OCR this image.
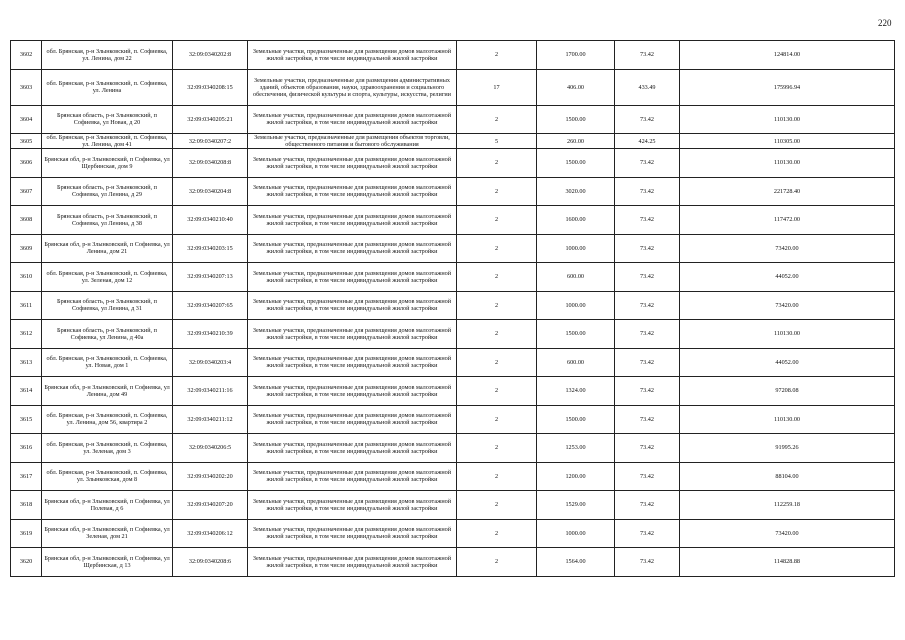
220
3602	обл. Брянская, р-н Злынковский, п. Софиевка, ул. Ленина, дом 22	32:09:0340202:8	Земельные участки, предназначенные для размещения домов малоэтажной жилой застройки, в том числе индивидуальной жилой застройки	2	1700.00	73.42	124814.00
3603	обл. Брянская, р-н Злынковский, п. Софиевка, ул. Ленина	32:09:0340208:15	Земельные участки, предназначенные для размещения административных зданий, объектов образования, науки, здравоохранения и социального обеспечения, физической культуры и спорта, культуры, искусства, религии	17	406.00	433.49	175996.94
3604	Брянская область, р-н Злынковский, п Софиевка, ул Новая, д 20	32:09:0340205:21	Земельные участки, предназначенные для размещения домов малоэтажной жилой застройки, в том числе индивидуальной жилой застройки	2	1500.00	73.42	110130.00
3605	обл. Брянская, р-н Злынковский, п. Софиевка, ул. Ленина, дом 41	32:09:0340207:2	Земельные участки, предназначенные для размещения объектов торговли, общественного питания и бытового обслуживания	5	260.00	424.25	110305.00
3606	Брянская обл, р-н Злынковский, п Софиевка, ул Щербинская, дом 9	32:09:0340208:8	Земельные участки, предназначенные для размещения домов малоэтажной жилой застройки, в том числе индивидуальной жилой застройки	2	1500.00	73.42	110130.00
3607	Брянская область, р-н Злынковский, п Софиевка, ул Ленина, д 29	32:09:0340204:8	Земельные участки, предназначенные для размещения домов малоэтажной жилой застройки, в том числе индивидуальной жилой застройки	2	3020.00	73.42	221728.40
3608	Брянская область, р-н Злынковский, п Софиевка, ул Ленина, д 38	32:09:0340210:40	Земельные участки, предназначенные для размещения домов малоэтажной жилой застройки, в том числе индивидуальной жилой застройки	2	1600.00	73.42	117472.00
3609	Брянская обл, р-н Злынковский, п Софиевка, ул Ленина, дом 21	32:09:0340203:15	Земельные участки, предназначенные для размещения домов малоэтажной жилой застройки, в том числе индивидуальной жилой застройки	2	1000.00	73.42	73420.00
3610	обл. Брянская, р-н Злынковский, п. Софиевка, ул. Зеленая, дом 12	32:09:0340207:13	Земельные участки, предназначенные для размещения домов малоэтажной жилой застройки, в том числе индивидуальной жилой застройки	2	600.00	73.42	44052.00
3611	Брянская область, р-н Злынковский, п Софиевка, ул Ленина, д 31	32:09:0340207:65	Земельные участки, предназначенные для размещения домов малоэтажной жилой застройки, в том числе индивидуальной жилой застройки	2	1000.00	73.42	73420.00
3612	Брянская область, р-н Злынковский, п Софиевка, ул Ленина, д 40а	32:09:0340210:39	Земельные участки, предназначенные для размещения домов малоэтажной жилой застройки, в том числе индивидуальной жилой застройки	2	1500.00	73.42	110130.00
3613	обл. Брянская, р-н Злынковский, п. Софиевка, ул. Новая, дом 1	32:09:0340203:4	Земельные участки, предназначенные для размещения домов малоэтажной жилой застройки, в том числе индивидуальной жилой застройки	2	600.00	73.42	44052.00
3614	Брянская обл, р-н Злынковский, п Софиевка, ул Ленина, дом 49	32:09:0340211:16	Земельные участки, предназначенные для размещения домов малоэтажной жилой застройки, в том числе индивидуальной жилой застройки	2	1324.00	73.42	97208.08
3615	обл. Брянская, р-н Злынковский, п. Софиевка, ул. Ленина, дом 56, квартира 2	32:09:0340211:12	Земельные участки, предназначенные для размещения домов малоэтажной жилой застройки, в том числе индивидуальной жилой застройки	2	1500.00	73.42	110130.00
3616	обл. Брянская, р-н Злынковский, п. Софиевка, ул. Зеленая, дом 3	32:09:0340206:5	Земельные участки, предназначенные для размещения домов малоэтажной жилой застройки, в том числе индивидуальной жилой застройки	2	1253.00	73.42	91995.26
3617	обл. Брянская, р-н Злынковский, п. Софиевка, ул. Злынковская, дом 8	32:09:0340202:20	Земельные участки, предназначенные для размещения домов малоэтажной жилой застройки, в том числе индивидуальной жилой застройки	2	1200.00	73.42	88104.00
3618	Брянская обл, р-н Злынковский, п Софиевка, ул Полевая, д 6	32:09:0340207:20	Земельные участки, предназначенные для размещения домов малоэтажной жилой застройки, в том числе индивидуальной жилой застройки	2	1529.00	73.42	112259.18
3619	Брянская обл, р-н Злынковский, п Софиевка, ул Зеленая, дом 21	32:09:0340206:12	Земельные участки, предназначенные для размещения домов малоэтажной жилой застройки, в том числе индивидуальной жилой застройки	2	1000.00	73.42	73420.00
3620	Брянская обл, р-н Злынковский, п Софиевка, ул Щербинская, д 13	32:09:0340208:6	Земельные участки, предназначенные для размещения домов малоэтажной жилой застройки, в том числе индивидуальной жилой застройки	2	1564.00	73.42	114828.88
